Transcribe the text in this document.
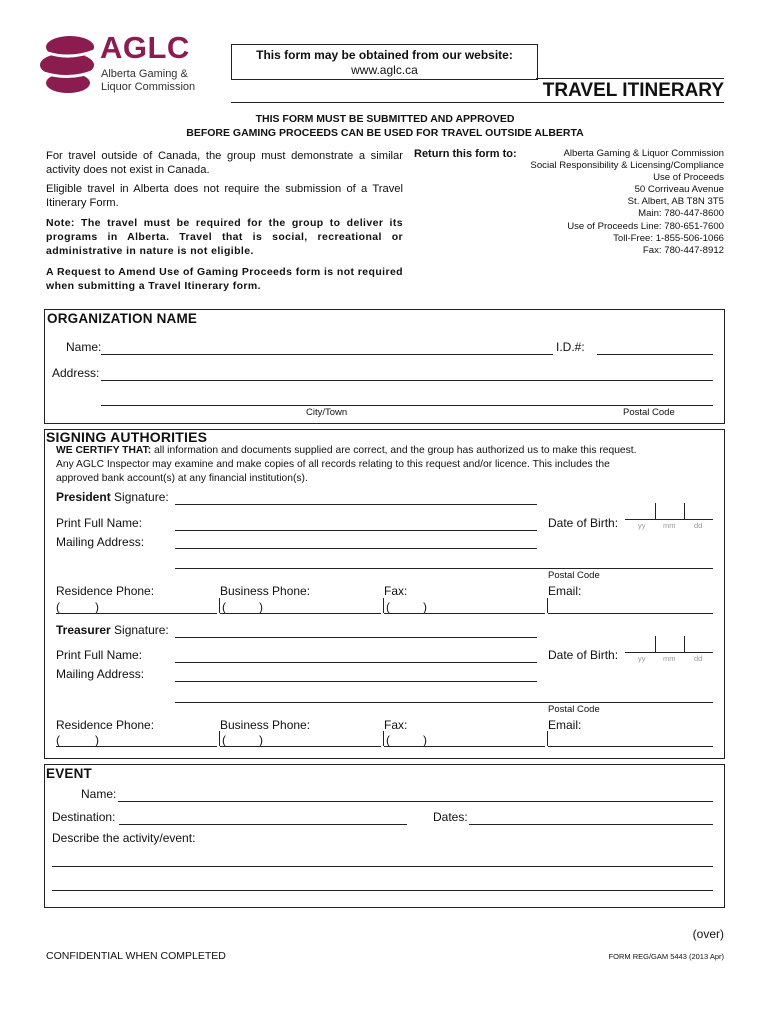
AGLC
Alberta Gaming &
Liquor Commission
This form may be obtained from our website:
www.aglc.ca
TRAVEL ITINERARY
THIS FORM MUST BE SUBMITTED AND APPROVED
BEFORE GAMING PROCEEDS CAN BE USED FOR TRAVEL OUTSIDE ALBERTA
For travel outside of Canada, the group must demonstrate a similar activity does not exist in Canada.
Eligible travel in Alberta does not require the submission of a Travel Itinerary Form.
Note: The travel must be required for the group to deliver its programs in Alberta. Travel that is social, recreational or administrative in nature is not eligible.
A Request to Amend Use of Gaming Proceeds form is not required when submitting a Travel Itinerary form.
Return this form to:	Alberta Gaming & Liquor Commission
Social Responsibility & Licensing/Compliance
Use of Proceeds
50 Corriveau Avenue
St. Albert, AB T8N 3T5
Main: 780-447-8600
Use of Proceeds Line: 780-651-7600
Toll-Free: 1-855-506-1066
Fax: 780-447-8912
ORGANIZATION NAME
Name:	I.D.#:
Address:
City/Town	Postal Code
SIGNING AUTHORITIES
WE CERTIFY THAT: all information and documents supplied are correct, and the group has authorized us to make this request.
Any AGLC Inspector may examine and make copies of all records relating to this request and/or licence. This includes the
approved bank account(s) at any financial institution(s).
President Signature:
Print Full Name:	Date of Birth:	yy mm dd
Mailing Address:
Postal Code
Residence Phone:	Business Phone:	Fax:	Email:
(	)	(	)	(	)
Treasurer Signature:
Print Full Name:	Date of Birth:	yy mm dd
Mailing Address:
Postal Code
Residence Phone:	Business Phone:	Fax:	Email:
(	)	(	)	(	)
EVENT
Name:
Destination:	Dates:
Describe the activity/event:
(over)
CONFIDENTIAL WHEN COMPLETED	FORM REG/GAM 5443 (2013 Apr)
